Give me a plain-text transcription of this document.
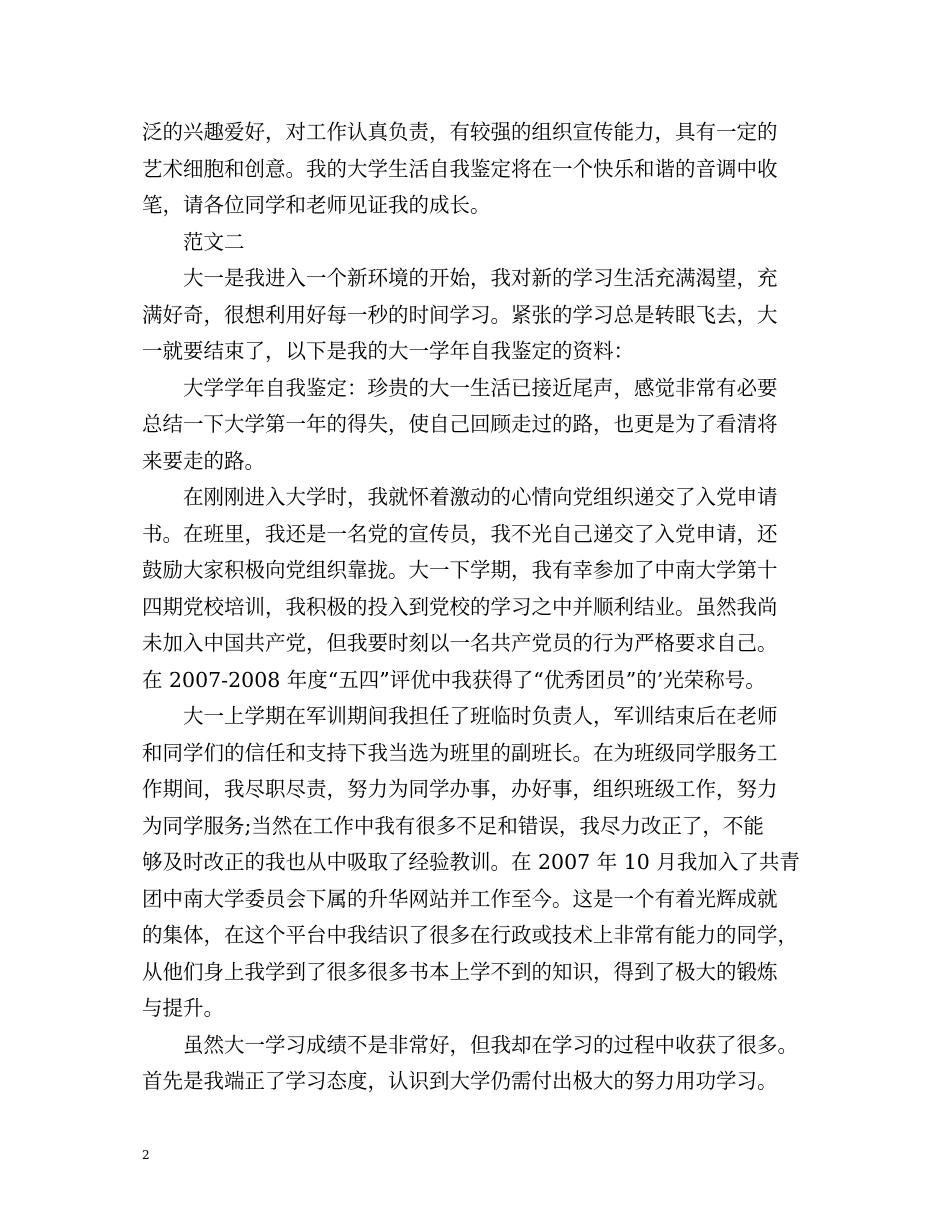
泛的兴趣爱好，对工作认真负责，有较强的组织宣传能力，具有一定的
艺术细胞和创意。我的大学生活自我鉴定将在一个快乐和谐的音调中收
笔，请各位同学和老师见证我的成长。
范文二
大一是我进入一个新环境的开始，我对新的学习生活充满渴望，充
满好奇，很想利用好每一秒的时间学习。紧张的学习总是转眼飞去，大
一就要结束了，以下是我的大一学年自我鉴定的资料：
大学学年自我鉴定：珍贵的大一生活已接近尾声，感觉非常有必要
总结一下大学第一年的得失，使自己回顾走过的路，也更是为了看清将
来要走的路。
在刚刚进入大学时，我就怀着激动的心情向党组织递交了入党申请
书。在班里，我还是一名党的宣传员，我不光自己递交了入党申请，还
鼓励大家积极向党组织靠拢。大一下学期，我有幸参加了中南大学第十
四期党校培训，我积极的投入到党校的学习之中并顺利结业。虽然我尚
未加入中国共产党，但我要时刻以一名共产党员的行为严格要求自己。
在 2007-2008 年度“五四”评优中我获得了“优秀团员”的’光荣称号。
大一上学期在军训期间我担任了班临时负责人，军训结束后在老师
和同学们的信任和支持下我当选为班里的副班长。在为班级同学服务工
作期间，我尽职尽责，努力为同学办事，办好事，组织班级工作，努力
为同学服务;当然在工作中我有很多不足和错误，我尽力改正了，不能
够及时改正的我也从中吸取了经验教训。在 2007 年 10 月我加入了共青
团中南大学委员会下属的升华网站并工作至今。这是一个有着光辉成就
的集体，在这个平台中我结识了很多在行政或技术上非常有能力的同学，
从他们身上我学到了很多很多书本上学不到的知识，得到了极大的锻炼
与提升。
虽然大一学习成绩不是非常好，但我却在学习的过程中收获了很多。
首先是我端正了学习态度，认识到大学仍需付出极大的努力用功学习。
2
